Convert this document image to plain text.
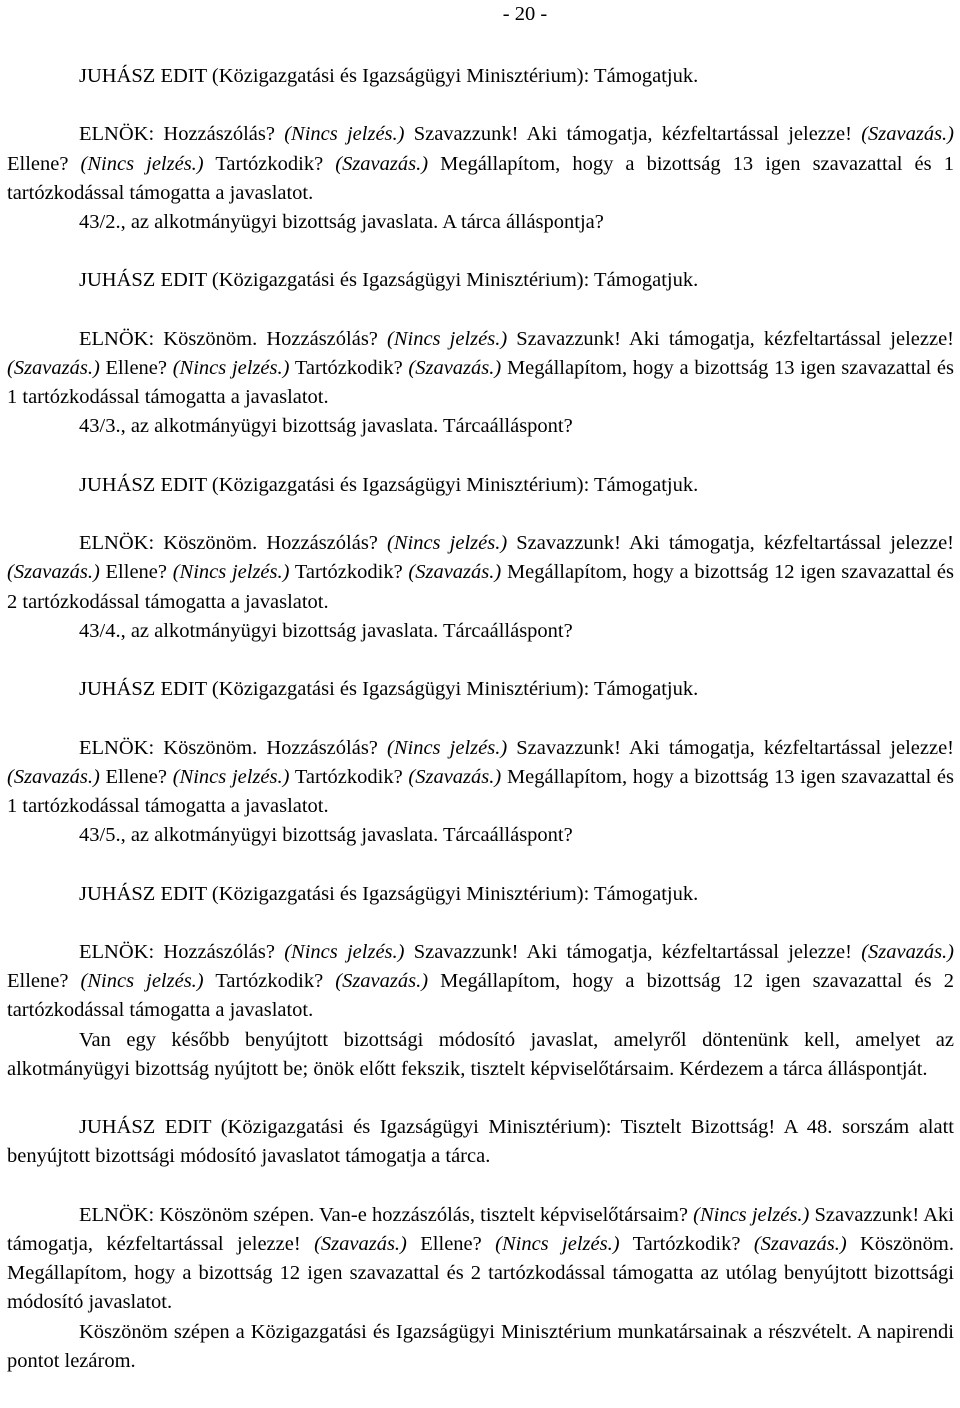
- 20 -

JUHÁSZ EDIT (Közigazgatási és Igazságügyi Minisztérium): Támogatjuk.

ELNÖK: Hozzászólás? (Nincs jelzés.) Szavazzunk! Aki támogatja, kézfeltartással jelezze! (Szavazás.) Ellene? (Nincs jelzés.) Tartózkodik? (Szavazás.) Megállapítom, hogy a bizottság 13 igen szavazattal és 1 tartózkodással támogatta a javaslatot.

43/2., az alkotmányügyi bizottság javaslata. A tárca álláspontja?

JUHÁSZ EDIT (Közigazgatási és Igazságügyi Minisztérium): Támogatjuk.

ELNÖK: Köszönöm. Hozzászólás? (Nincs jelzés.) Szavazzunk! Aki támogatja, kézfeltartással jelezze! (Szavazás.) Ellene? (Nincs jelzés.) Tartózkodik? (Szavazás.) Megállapítom, hogy a bizottság 13 igen szavazattal és 1 tartózkodással támogatta a javaslatot.

43/3., az alkotmányügyi bizottság javaslata. Tárcaálláspont?

JUHÁSZ EDIT (Közigazgatási és Igazságügyi Minisztérium): Támogatjuk.

ELNÖK: Köszönöm. Hozzászólás? (Nincs jelzés.) Szavazzunk! Aki támogatja, kézfeltartással jelezze! (Szavazás.) Ellene? (Nincs jelzés.) Tartózkodik? (Szavazás.) Megállapítom, hogy a bizottság 12 igen szavazattal és 2 tartózkodással támogatta a javaslatot.

43/4., az alkotmányügyi bizottság javaslata. Tárcaálláspont?

JUHÁSZ EDIT (Közigazgatási és Igazságügyi Minisztérium): Támogatjuk.

ELNÖK: Köszönöm. Hozzászólás? (Nincs jelzés.) Szavazzunk! Aki támogatja, kézfeltartással jelezze! (Szavazás.) Ellene? (Nincs jelzés.) Tartózkodik? (Szavazás.) Megállapítom, hogy a bizottság 13 igen szavazattal és 1 tartózkodással támogatta a javaslatot.

43/5., az alkotmányügyi bizottság javaslata. Tárcaálláspont?

JUHÁSZ EDIT (Közigazgatási és Igazságügyi Minisztérium): Támogatjuk.

ELNÖK: Hozzászólás? (Nincs jelzés.) Szavazzunk! Aki támogatja, kézfeltartással jelezze! (Szavazás.) Ellene? (Nincs jelzés.) Tartózkodik? (Szavazás.) Megállapítom, hogy a bizottság 12 igen szavazattal és 2 tartózkodással támogatta a javaslatot.

Van egy később benyújtott bizottsági módosító javaslat, amelyről döntenünk kell, amelyet az alkotmányügyi bizottság nyújtott be; önök előtt fekszik, tisztelt képviselőtársaim. Kérdezem a tárca álláspontját.

JUHÁSZ EDIT (Közigazgatási és Igazságügyi Minisztérium): Tisztelt Bizottság! A 48. sorszám alatt benyújtott bizottsági módosító javaslatot támogatja a tárca.

ELNÖK: Köszönöm szépen. Van-e hozzászólás, tisztelt képviselőtársaim? (Nincs jelzés.) Szavazzunk! Aki támogatja, kézfeltartással jelezze! (Szavazás.) Ellene? (Nincs jelzés.) Tartózkodik? (Szavazás.) Köszönöm. Megállapítom, hogy a bizottság 12 igen szavazattal és 2 tartózkodással támogatta az utólag benyújtott bizottsági módosító javaslatot.

Köszönöm szépen a Közigazgatási és Igazságügyi Minisztérium munkatársainak a részvételt. A napirendi pontot lezárom.
